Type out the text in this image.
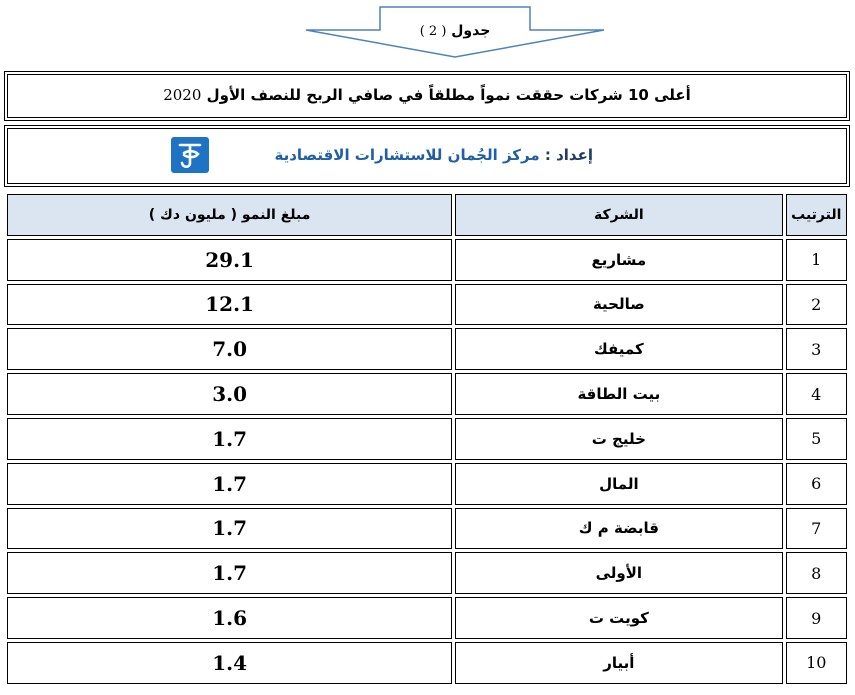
جدول ( 2 )
أعلى 10 شركات حققت نمواً مطلقاً في صافي الربح للنصف الأول 2020
إعداد : مركز الجُمان للاستشارات الاقتصادية
مبلغ النمو ( مليون دك )	الشركة	الترتيب
29.1	مشاريع	1
12.1	صالحية	2
7.0	كميفك	3
3.0	بيت الطاقة	4
1.7	خليج ت	5
1.7	المال	6
1.7	قابضة م ك	7
1.7	الأولى	8
1.6	كويت ت	9
1.4	أبيار	10
